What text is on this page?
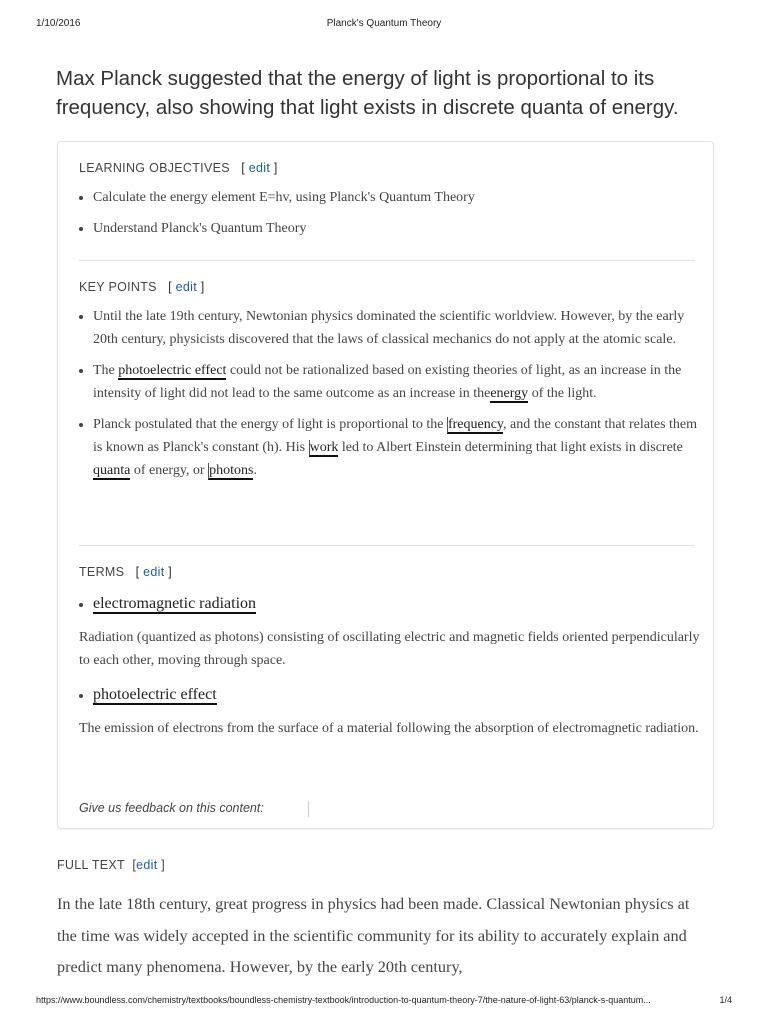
1/10/2016	Planck's Quantum Theory
Max Planck suggested that the energy of light is proportional to its frequency, also showing that light exists in discrete quanta of energy.
LEARNING OBJECTIVES   [ edit ]
• Calculate the energy element E=hv, using Planck's Quantum Theory
• Understand Planck's Quantum Theory
KEY POINTS   [ edit ]
• Until the late 19th century, Newtonian physics dominated the scientific worldview. However, by the early 20th century, physicists discovered that the laws of classical mechanics do not apply at the atomic scale.
• The photoelectric effect could not be rationalized based on existing theories of light, as an increase in the intensity of light did not lead to the same outcome as an increase in theenergy of the light.
• Planck postulated that the energy of light is proportional to the frequency, and the constant that relates them is known as Planck's constant (h). His work led to Albert Einstein determining that light exists in discrete quanta of energy, or photons.
TERMS   [ edit ]
• electromagnetic radiation

Radiation (quantized as photons) consisting of oscillating electric and magnetic fields oriented perpendicularly to each other, moving through space.

• photoelectric effect

The emission of electrons from the surface of a material following the absorption of electromagnetic radiation.

Give us feedback on this content:
FULL TEXT  [edit ]

In the late 18th century, great progress in physics had been made. Classical Newtonian physics at the time was widely accepted in the scientific community for its ability to accurately explain and predict many phenomena. However, by the early 20th century,

https://www.boundless.com/chemistry/textbooks/boundless-chemistry-textbook/introduction-to-quantum-theory-7/the-nature-of-light-63/planck-s-quantum...	1/4
